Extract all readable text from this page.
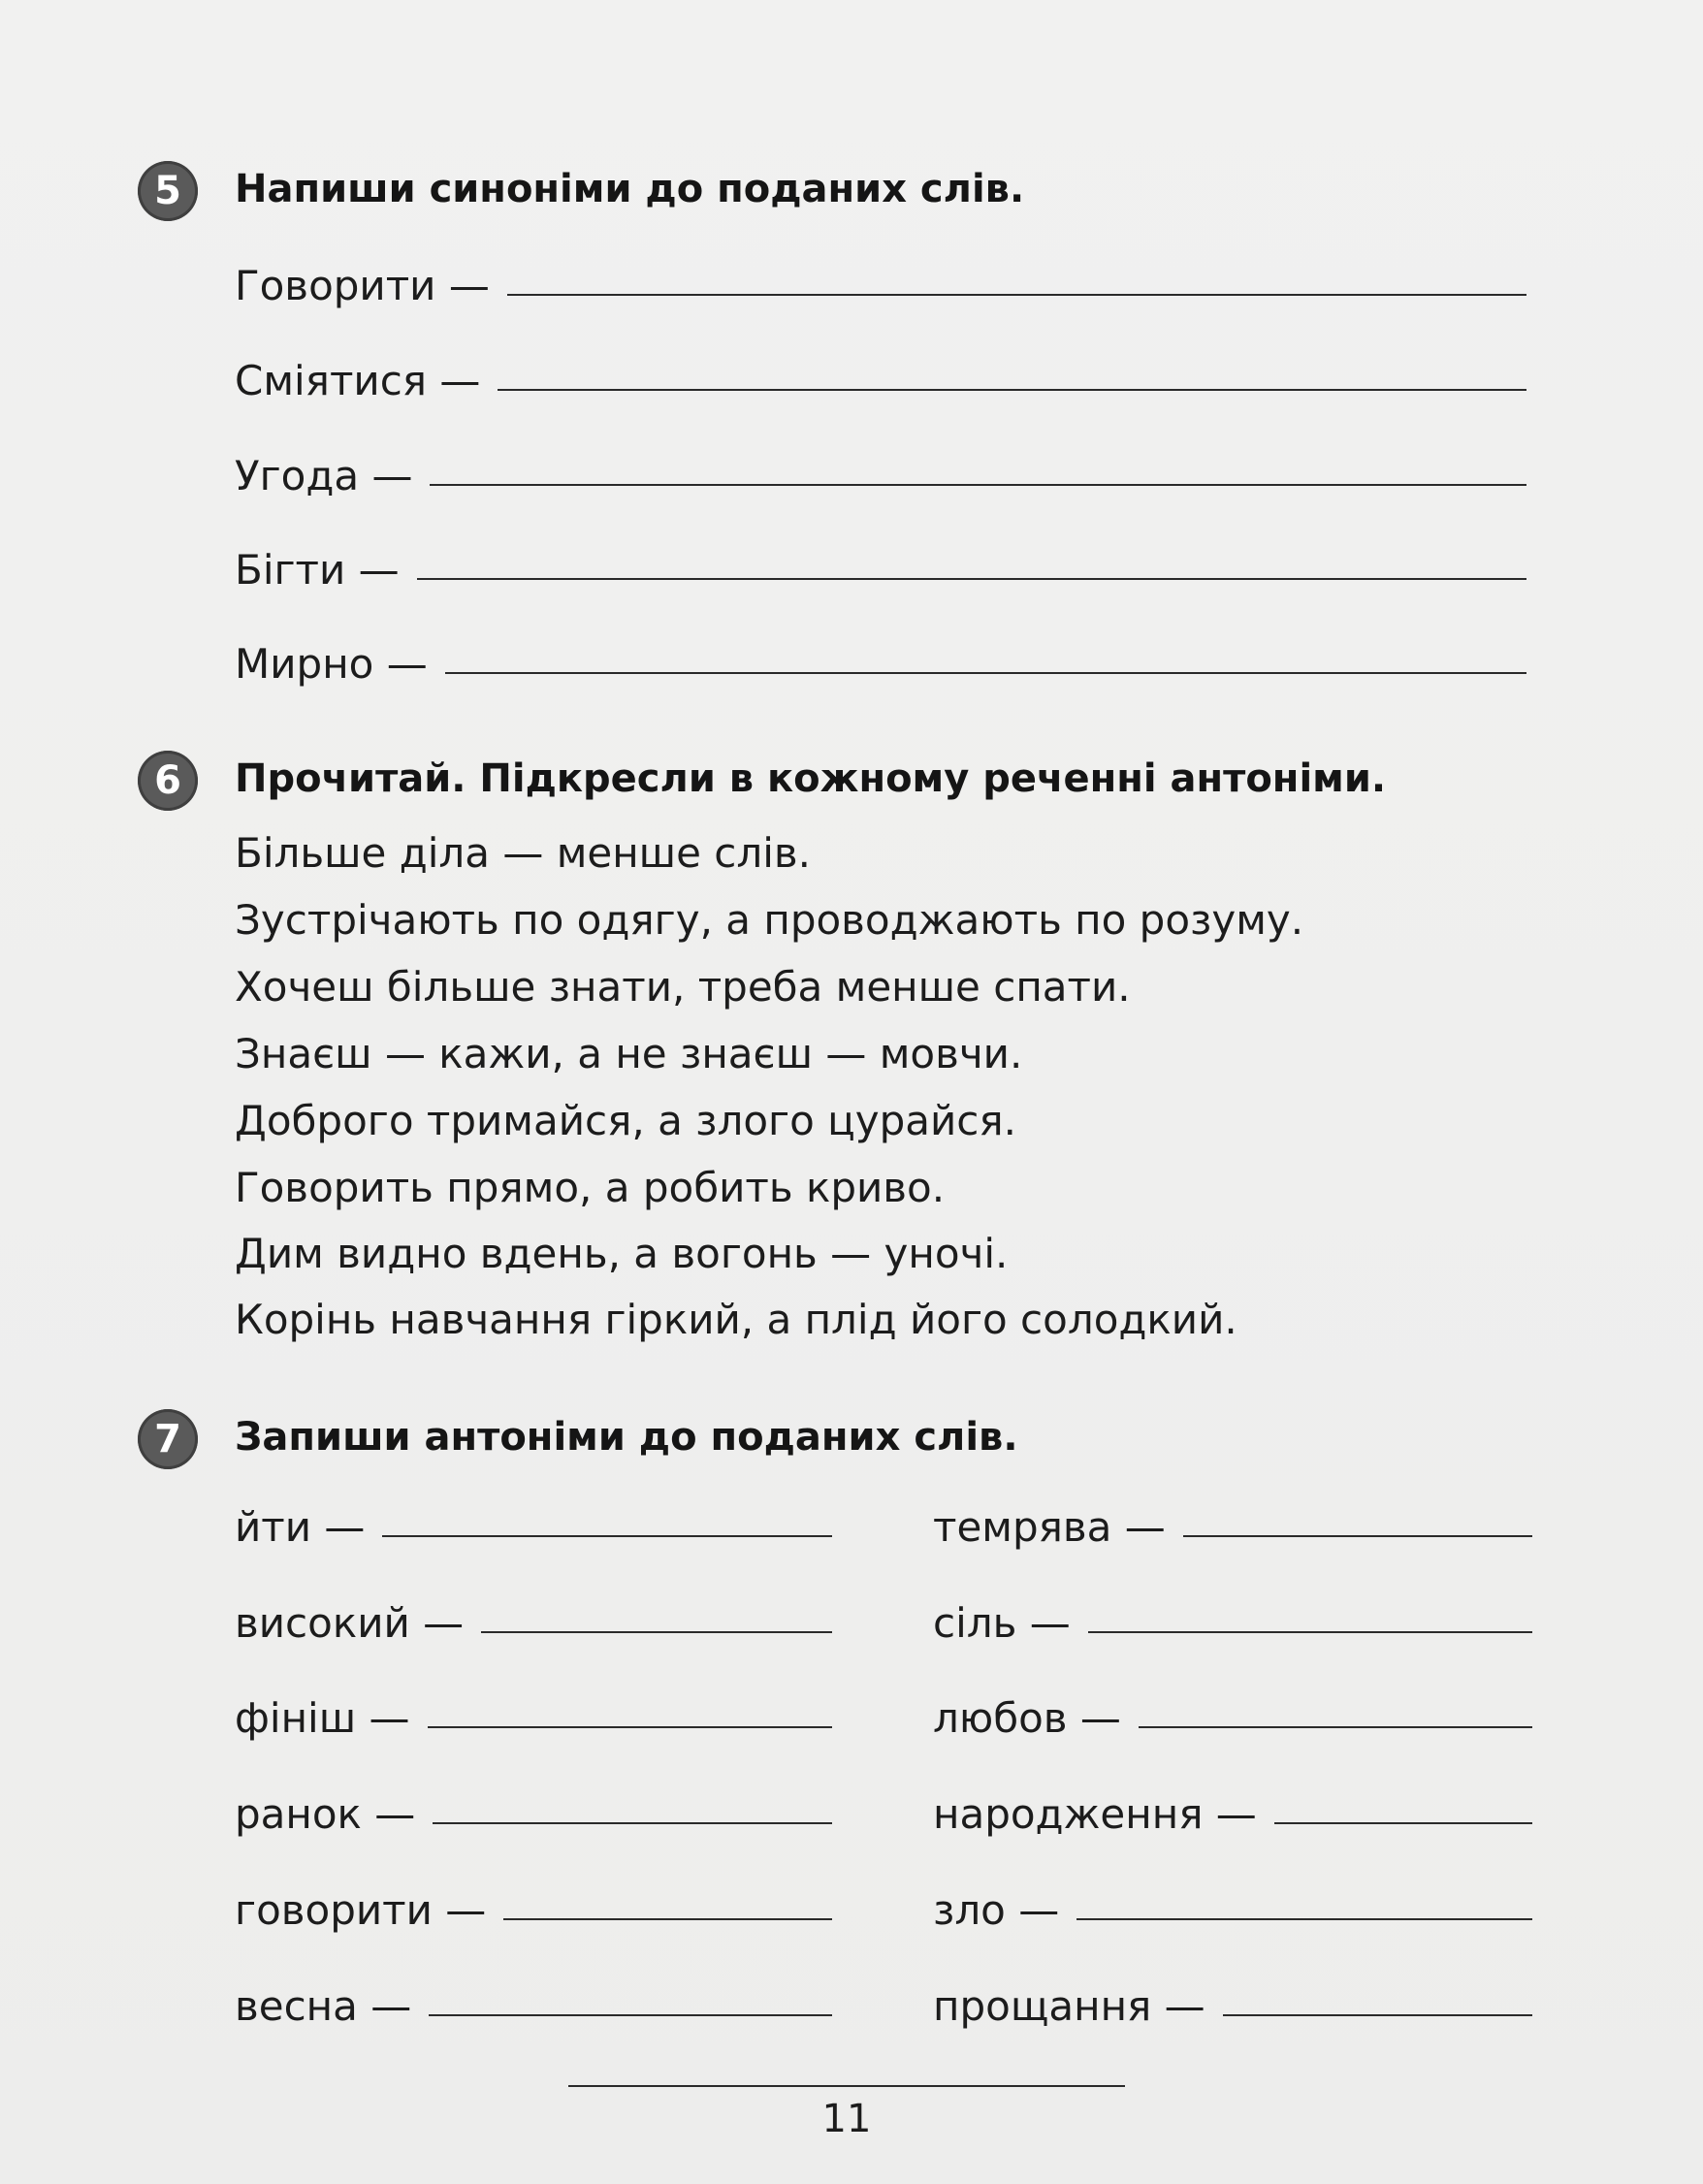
5	Напиши синоніми до поданих слів.
Говорити —
Сміятися —
Угода —
Бігти —
Мирно —
6	Прочитай. Підкресли в кожному реченні антоніми.
Більше діла — менше слів.
Зустрічають по одягу, а проводжають по розуму.
Хочеш більше знати, треба менше спати.
Знаєш — кажи, а не знаєш — мовчи.
Доброго тримайся, а злого цурайся.
Говорить прямо, а робить криво.
Дим видно вдень, а вогонь — уночі.
Корінь навчання гіркий, а плід його солодкий.
7	Запиши антоніми до поданих слів.
йти —
високий —
фініш —
ранок —
говорити —
весна —
темрява —
сіль —
любов —
народження —
зло —
прощання —
11
